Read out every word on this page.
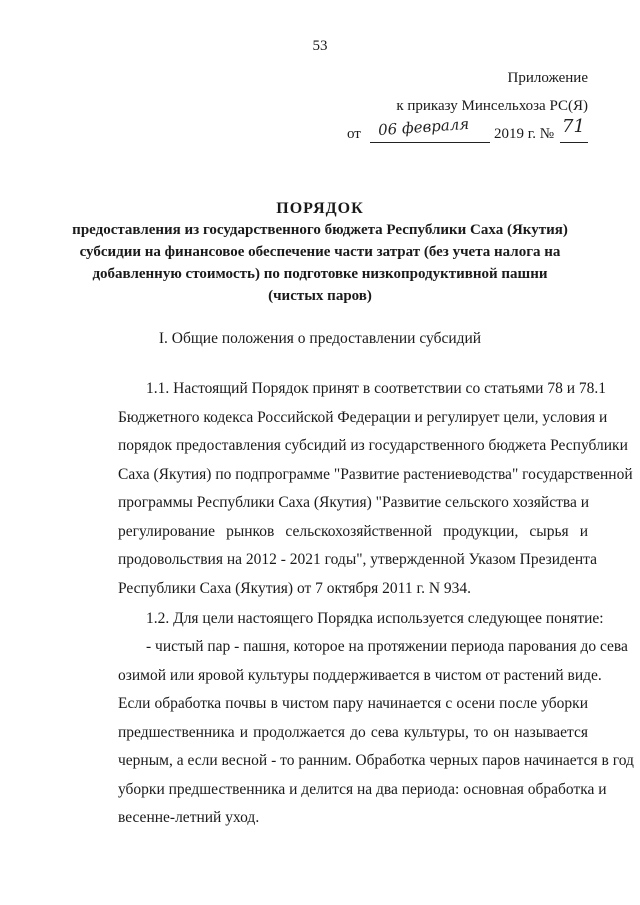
53
Приложение
к приказу Минсельхоза РС(Я)
от 06 февраля 2019 г. № 71
ПОРЯДОК
предоставления из государственного бюджета Республики Саха (Якутия)
субсидии на финансовое обеспечение части затрат (без учета налога на
добавленную стоимость) по подготовке низкопродуктивной пашни
(чистых паров)
I. Общие положения о предоставлении субсидий
1.1. Настоящий Порядок принят в соответствии со статьями 78 и 78.1
Бюджетного кодекса Российской Федерации и регулирует цели, условия и
порядок предоставления субсидий из государственного бюджета Республики
Саха (Якутия) по подпрограмме "Развитие растениеводства" государственной
программы Республики Саха (Якутия) "Развитие сельского хозяйства и
регулирование рынков сельскохозяйственной продукции, сырья и
продовольствия на 2012 - 2021 годы", утвержденной Указом Президента
Республики Саха (Якутия) от 7 октября 2011 г. N 934.
1.2. Для цели настоящего Порядка используется следующее понятие:
- чистый пар - пашня, которое на протяжении периода парования до сева
озимой или яровой культуры поддерживается в чистом от растений виде.
Если обработка почвы в чистом пару начинается с осени после уборки
предшественника и продолжается до сева культуры, то он называется
черным, а если весной - то ранним. Обработка черных паров начинается в год
уборки предшественника и делится на два периода: основная обработка и
весенне-летний уход.
